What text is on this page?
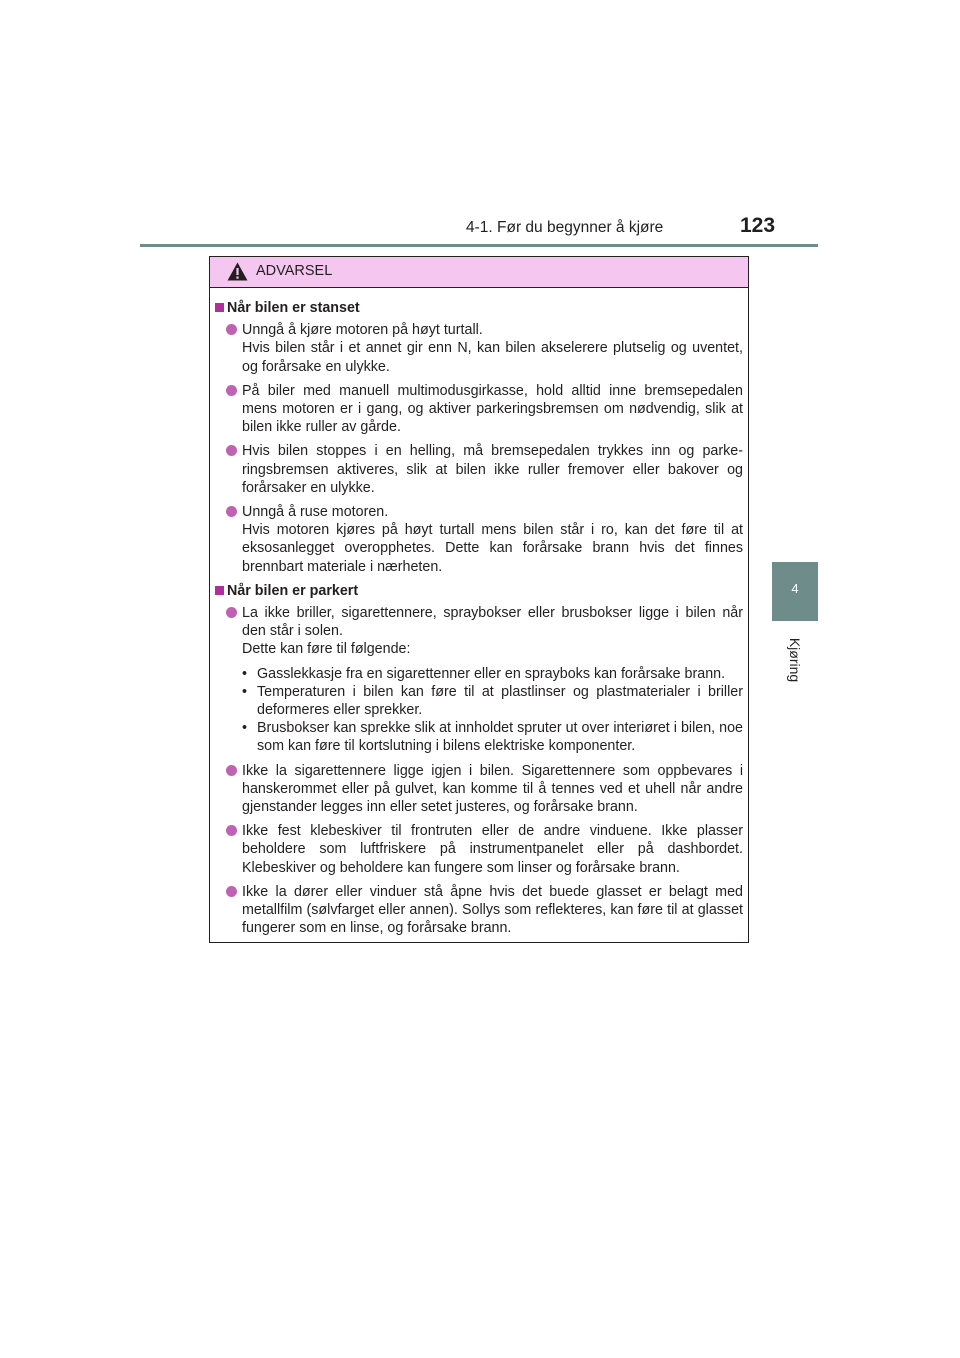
4-1. Før du begynner å kjøre	123
4
Kjøring
ADVARSEL
Når bilen er stanset

Unngå å kjøre motoren på høyt turtall.

Hvis bilen står i et annet gir enn N, kan bilen akselerere plutselig og uventet, og forårsake en ulykke.

På biler med manuell multimodusgirkasse, hold alltid inne bremsepedalen mens motoren er i gang, og aktiver parkeringsbremsen om nødvendig, slik at bilen ikke ruller av gårde.

Hvis bilen stoppes i en helling, må bremsepedalen trykkes inn og parke-ringsbremsen aktiveres, slik at bilen ikke ruller fremover eller bakover og forårsaker en ulykke.

Unngå å ruse motoren.

Hvis motoren kjøres på høyt turtall mens bilen står i ro, kan det føre til at eksosanlegget overopphetes. Dette kan forårsake brann hvis det finnes brennbart materiale i nærheten.

Når bilen er parkert

La ikke briller, sigarettennere, spraybokser eller brusbokser ligge i bilen når den står i solen.

Dette kan føre til følgende:

• Gasslekkasje fra en sigarettenner eller en sprayboks kan forårsake brann.
• Temperaturen i bilen kan føre til at plastlinser og plastmaterialer i briller deformeres eller sprekker.
• Brusbokser kan sprekke slik at innholdet spruter ut over interiøret i bilen, noe som kan føre til kortslutning i bilens elektriske komponenter.

Ikke la sigarettennere ligge igjen i bilen. Sigarettennere som oppbevares i hanskerommet eller på gulvet, kan komme til å tennes ved et uhell når andre gjenstander legges inn eller setet justeres, og forårsake brann.

Ikke fest klebeskiver til frontruten eller de andre vinduene. Ikke plasser beholdere som luftfriskere på instrumentpanelet eller på dashbordet. Klebeskiver og beholdere kan fungere som linser og forårsake brann.

Ikke la dører eller vinduer stå åpne hvis det buede glasset er belagt med metallfilm (sølvfarget eller annen). Sollys som reflekteres, kan føre til at glasset fungerer som en linse, og forårsake brann.
